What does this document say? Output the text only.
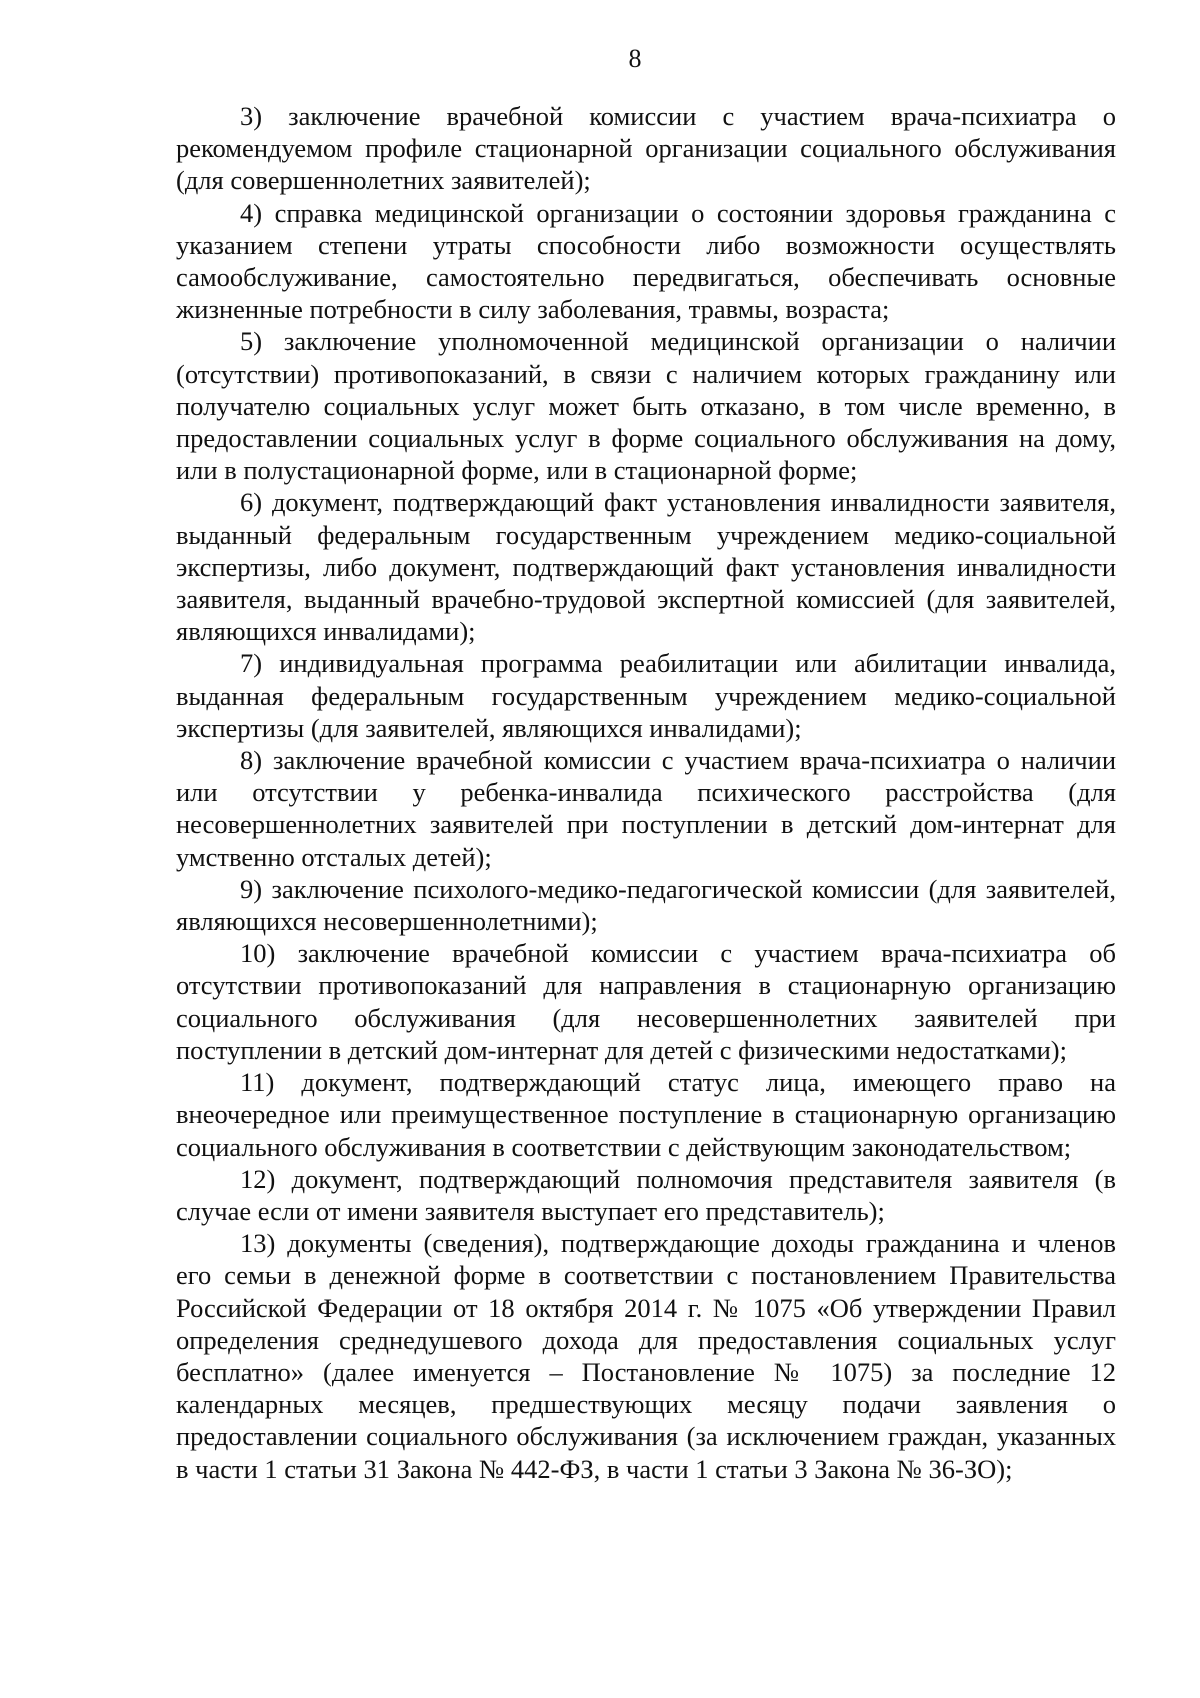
8

3) заключение врачебной комиссии с участием врача-психиатра о рекомендуемом профиле стационарной организации социального обслуживания (для совершеннолетних заявителей);

4) справка медицинской организации о состоянии здоровья гражданина с указанием степени утраты способности либо возможности осуществлять самообслуживание, самостоятельно передвигаться, обеспечивать основные жизненные потребности в силу заболевания, травмы, возраста;

5) заключение уполномоченной медицинской организации о наличии (отсутствии) противопоказаний, в связи с наличием которых гражданину или получателю социальных услуг может быть отказано, в том числе временно, в предоставлении социальных услуг в форме социального обслуживания на дому, или в полустационарной форме, или в стационарной форме;

6) документ, подтверждающий факт установления инвалидности заявителя, выданный федеральным государственным учреждением медико-социальной экспертизы, либо документ, подтверждающий факт установления инвалидности заявителя, выданный врачебно-трудовой экспертной комиссией (для заявителей, являющихся инвалидами);

7) индивидуальная программа реабилитации или абилитации инвалида, выданная федеральным государственным учреждением медико-социальной экспертизы (для заявителей, являющихся инвалидами);

8) заключение врачебной комиссии с участием врача-психиатра о наличии или отсутствии у ребенка-инвалида психического расстройства (для несовершеннолетних заявителей при поступлении в детский дом-интернат для умственно отсталых детей);

9) заключение психолого-медико-педагогической комиссии (для заявителей, являющихся несовершеннолетними);

10) заключение врачебной комиссии с участием врача-психиатра об отсутствии противопоказаний для направления в стационарную организацию социального обслуживания (для несовершеннолетних заявителей при поступлении в детский дом-интернат для детей с физическими недостатками);

11) документ, подтверждающий статус лица, имеющего право на внеочередное или преимущественное поступление в стационарную организацию социального обслуживания в соответствии с действующим законодательством;

12) документ, подтверждающий полномочия представителя заявителя (в случае если от имени заявителя выступает его представитель);

13) документы (сведения), подтверждающие доходы гражданина и членов его семьи в денежной форме в соответствии с постановлением Правительства Российской Федерации от 18 октября 2014 г. № 1075 «Об утверждении Правил определения среднедушевого дохода для предоставления социальных услуг бесплатно» (далее именуется – Постановление № 1075) за последние 12 календарных месяцев, предшествующих месяцу подачи заявления о предоставлении социального обслуживания (за исключением граждан, указанных в части 1 статьи 31 Закона № 442-ФЗ, в части 1 статьи 3 Закона № 36-ЗО);
